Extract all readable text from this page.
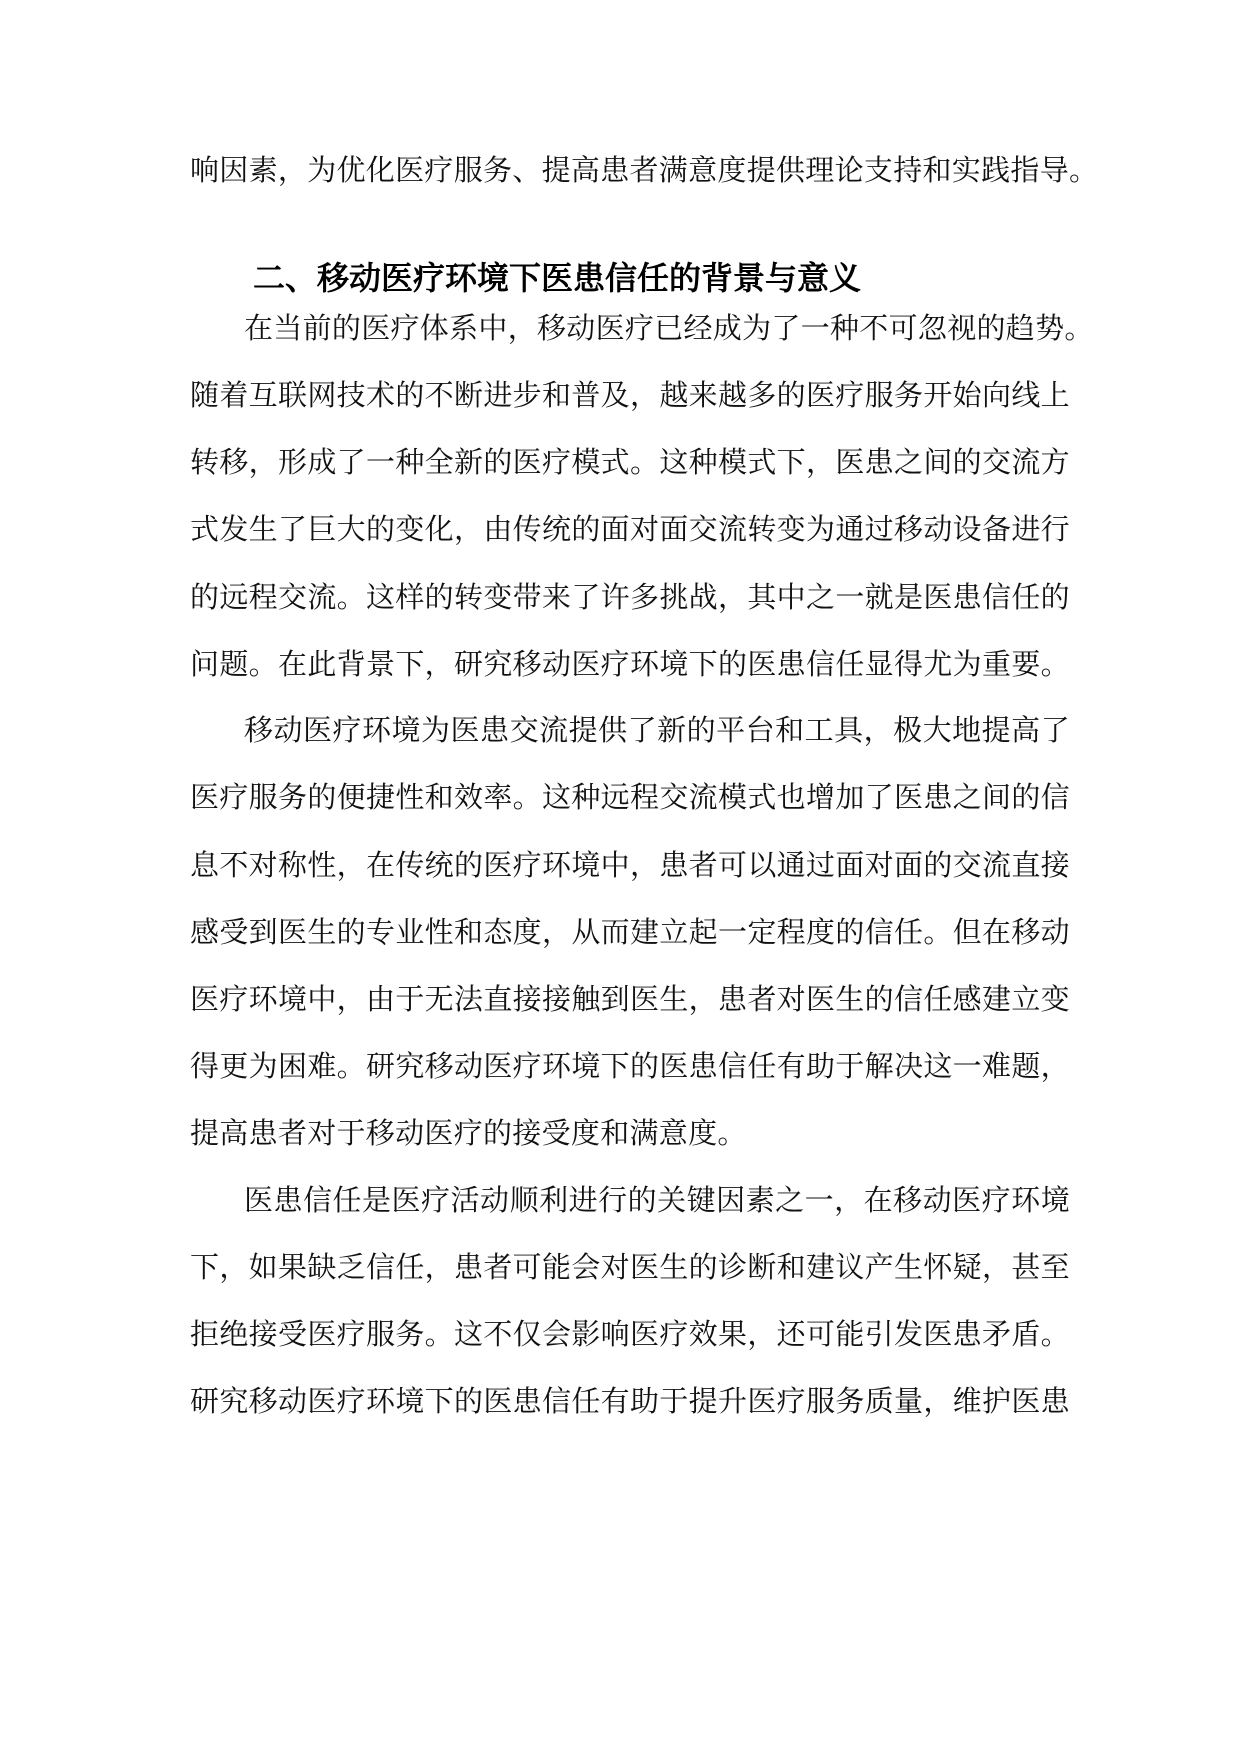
响因素，为优化医疗服务、提高患者满意度提供理论支持和实践指导。
二、移动医疗环境下医患信任的背景与意义
在当前的医疗体系中，移动医疗已经成为了一种不可忽视的趋势。
随着互联网技术的不断进步和普及，越来越多的医疗服务开始向线上
转移，形成了一种全新的医疗模式。这种模式下，医患之间的交流方
式发生了巨大的变化，由传统的面对面交流转变为通过移动设备进行
的远程交流。这样的转变带来了许多挑战，其中之一就是医患信任的
问题。在此背景下，研究移动医疗环境下的医患信任显得尤为重要。
移动医疗环境为医患交流提供了新的平台和工具，极大地提高了
医疗服务的便捷性和效率。这种远程交流模式也增加了医患之间的信
息不对称性，在传统的医疗环境中，患者可以通过面对面的交流直接
感受到医生的专业性和态度，从而建立起一定程度的信任。但在移动
医疗环境中，由于无法直接接触到医生，患者对医生的信任感建立变
得更为困难。研究移动医疗环境下的医患信任有助于解决这一难题，
提高患者对于移动医疗的接受度和满意度。
医患信任是医疗活动顺利进行的关键因素之一，在移动医疗环境
下，如果缺乏信任，患者可能会对医生的诊断和建议产生怀疑，甚至
拒绝接受医疗服务。这不仅会影响医疗效果，还可能引发医患矛盾。
研究移动医疗环境下的医患信任有助于提升医疗服务质量，维护医患
